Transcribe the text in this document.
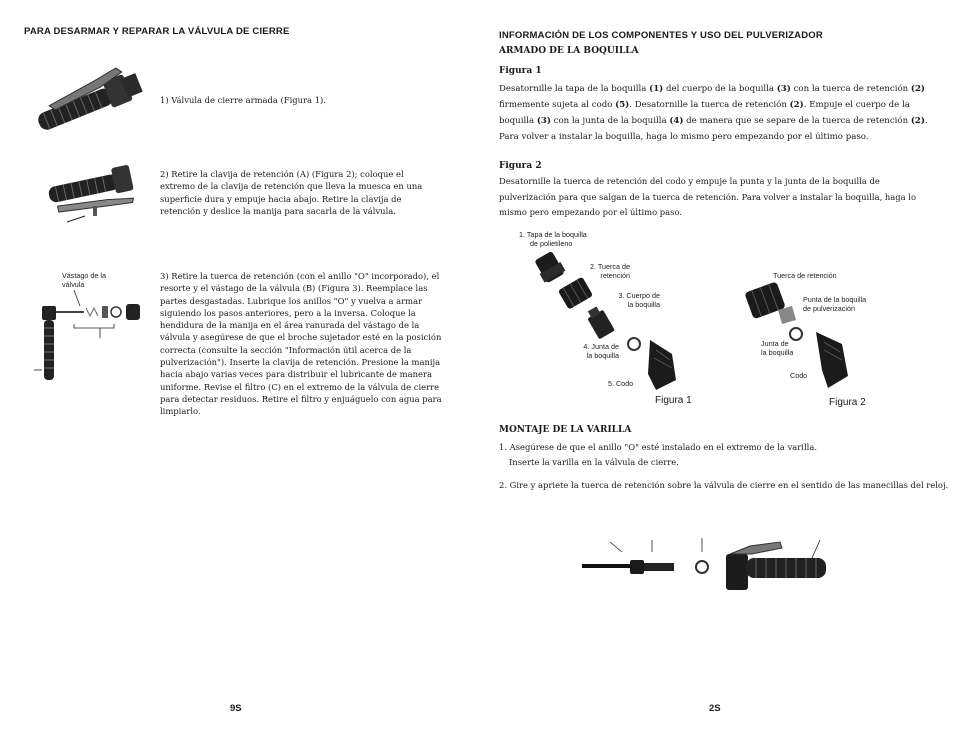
PARA DESARMAR Y REPARAR LA VÁLVULA DE CIERRE
1) Válvula de cierre armada (Figura 1).
2) Retire la clavija de retención (A) (Figura 2); coloque el extremo de la clavija de retención que lleva la muesca en una superficie dura y empuje hacia abajo. Retire la clavija de retención y deslice la manija para sacarla de la válvula.
Vástago de la válvula
3) Retire la tuerca de retención (con el anillo "O" incorporado), el resorte y el vástago de la válvula (B) (Figura 3). Reemplace las partes desgastadas. Lubrique los anillos "O" y vuelva a armar siguiendo los pasos anteriores, pero a la inversa. Coloque la hendidura de la manija en el área ranurada del vástago de la válvula y asegúrese de que el broche sujetador esté en la posición correcta (consulte la sección "Información útil acerca de la pulverización"). Inserte la clavija de retención. Presione la manija hacia abajo varias veces para distribuir el lubricante de manera uniforme. Revise el filtro (C) en el extremo de la válvula de cierre para detectar residuos. Retire el filtro y enjuáguelo con agua para limpiarlo.
9S
INFORMACIÓN DE LOS COMPONENTES Y USO DEL PULVERIZADOR
ARMADO DE LA BOQUILLA
Figura 1
Desatornille la tapa de la boquilla (1) del cuerpo de la boquilla (3) con la tuerca de retención (2) firmemente sujeta al codo (5). Desatornille la tuerca de retención (2). Empuje el cuerpo de la boquilla (3) con la junta de la boquilla (4) de manera que se separe de la tuerca de retención (2). Para volver a instalar la boquilla, haga lo mismo pero empezando por el último paso.
Figura 2
Desatornille la tuerca de retención del codo y empuje la punta y la junta de la boquilla de pulverización para que salgan de la tuerca de retención. Para volver a instalar la boquilla, haga lo mismo pero empezando por el último paso.
1. Tapa de la boquilla
de polietileno
2. Tuerca de
retención
3. Cuerpo de
la boquilla
4. Junta de
la boquilla
5. Codo
Figura 1
Tuerca de retención
Punta de la boquilla
de pulverización
Junta de
la boquilla
Codo
Figura 2
MONTAJE DE LA VARILLA
1. Asegúrese de que el anillo "O" esté instalado en el extremo de la varilla.
Inserte la varilla en la válvula de cierre.
2. Gire y apriete la tuerca de retención sobre la válvula de cierre en el sentido de las manecillas del reloj.
2S
